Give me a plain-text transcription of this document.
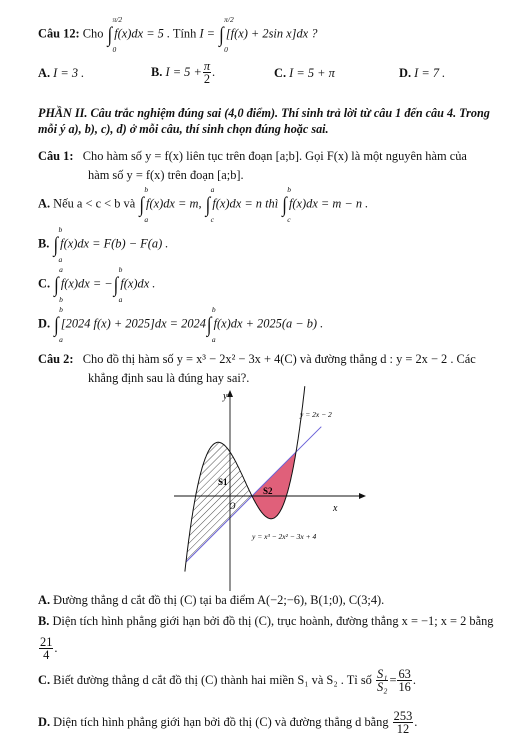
Câu 12: Cho ∫
π/2
0
f(x)dx = 5 . Tính I = ∫
π/2
0
[f(x) + 2sin x]dx ?
A. I = 3 .	B. $I = 5 + \frac{\pi}{2}$ .	C. I = 5 + π	D. I = 7 .
PHẦN II. Câu trắc nghiệm đúng sai (4,0 điểm). Thí sinh trả lời từ câu 1 đến câu 4. Trong
mỗi ý a), b), c), d) ở mỗi câu, thí sinh chọn đúng hoặc sai.
Câu 1: Cho hàm số y = f(x) liên tục trên đoạn [a;b]. Gọi F(x) là một nguyên hàm của
hàm số y = f(x) trên đoạn [a;b].
A. Nếu a < c < b và ∫
b
a
f(x)dx = m, ∫
a
c
f(x)dx = n thì ∫
b
c
f(x)dx = m − n .
B. ∫
b
a
f(x)dx = F(b) − F(a) .
C. ∫
a
b
f(x)dx = −∫
b
a
f(x)dx .
D. ∫
b
a
[2024 f(x) + 2025]dx = 2024∫
b
a
f(x)dx + 2025(a − b) .
Câu 2: Cho đồ thị hàm số y = x³ − 2x² − 3x + 4(C) và đường thẳng d : y = 2x − 2 . Các
khẳng định sau là đúng hay sai?.
y
x
O
S1
S2
y = 2x − 2
y = x³ − 2x² − 3x + 4
A. Đường thẳng d cắt đồ thị (C) tại ba điểm A(−2;−6), B(1;0), C(3;4).
B. Diện tích hình phẳng giới hạn bởi đồ thị (C), trục hoành, đường thẳng x = −1; x = 2 bằng
$\frac{21}{4}$ .
C. Biết đường thẳng d cắt đồ thị (C) thành hai miền S₁ và S₂ . Tỉ số $\frac{\text{S₁}}{\text{S₂}} = \frac{63}{16}$ .
D. Diện tích hình phẳng giới hạn bởi đồ thị (C) và đường thẳng d bằng $\frac{253}{12}$ .
